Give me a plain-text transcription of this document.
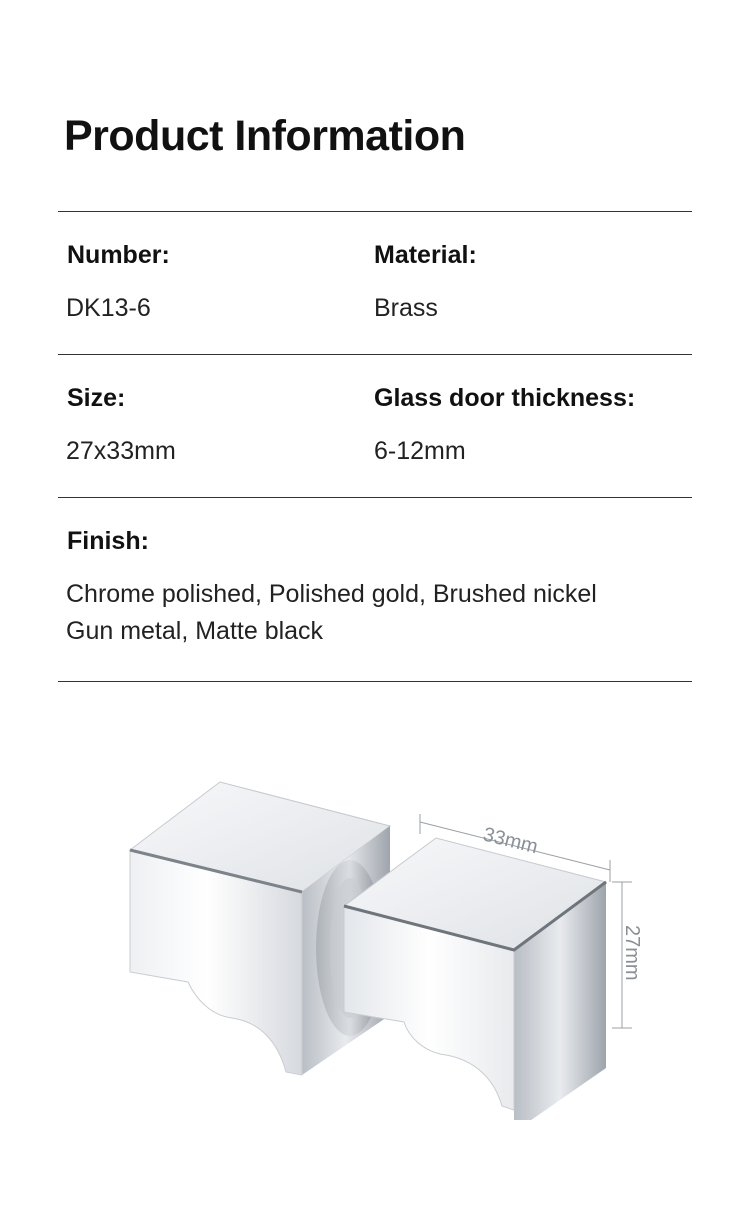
Product Information
Number:
DK13-6
Material:
Brass
Size:
27x33mm
Glass door thickness:
6-12mm
Finish:
Chrome polished, Polished gold, Brushed nickel
Gun metal, Matte black
33mm
27mm
